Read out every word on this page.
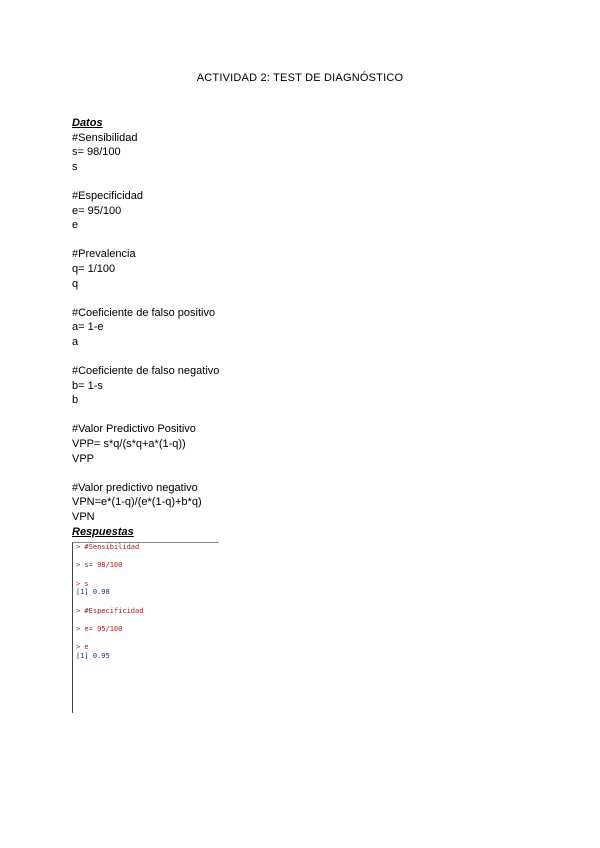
ACTIVIDAD 2: TEST DE DIAGNÓSTICO
Datos
#Sensibilidad
s= 98/100
s
#Especificidad
e= 95/100
e
#Prevalencia
q= 1/100
q
#Coeficiente de falso positivo
a= 1-e
a
#Coeficiente de falso negativo
b= 1-s
b
#Valor Predictivo Positivo
VPP= s*q/(s*q+a*(1-q))
VPP
#Valor predictivo negativo
VPN=e*(1-q)/(e*(1-q)+b*q)
VPN
Respuestas
> #Sensibilidad
> s= 98/100
> s
[1] 0.98
> #Especificidad
> e= 95/100
> e
[1] 0.95
